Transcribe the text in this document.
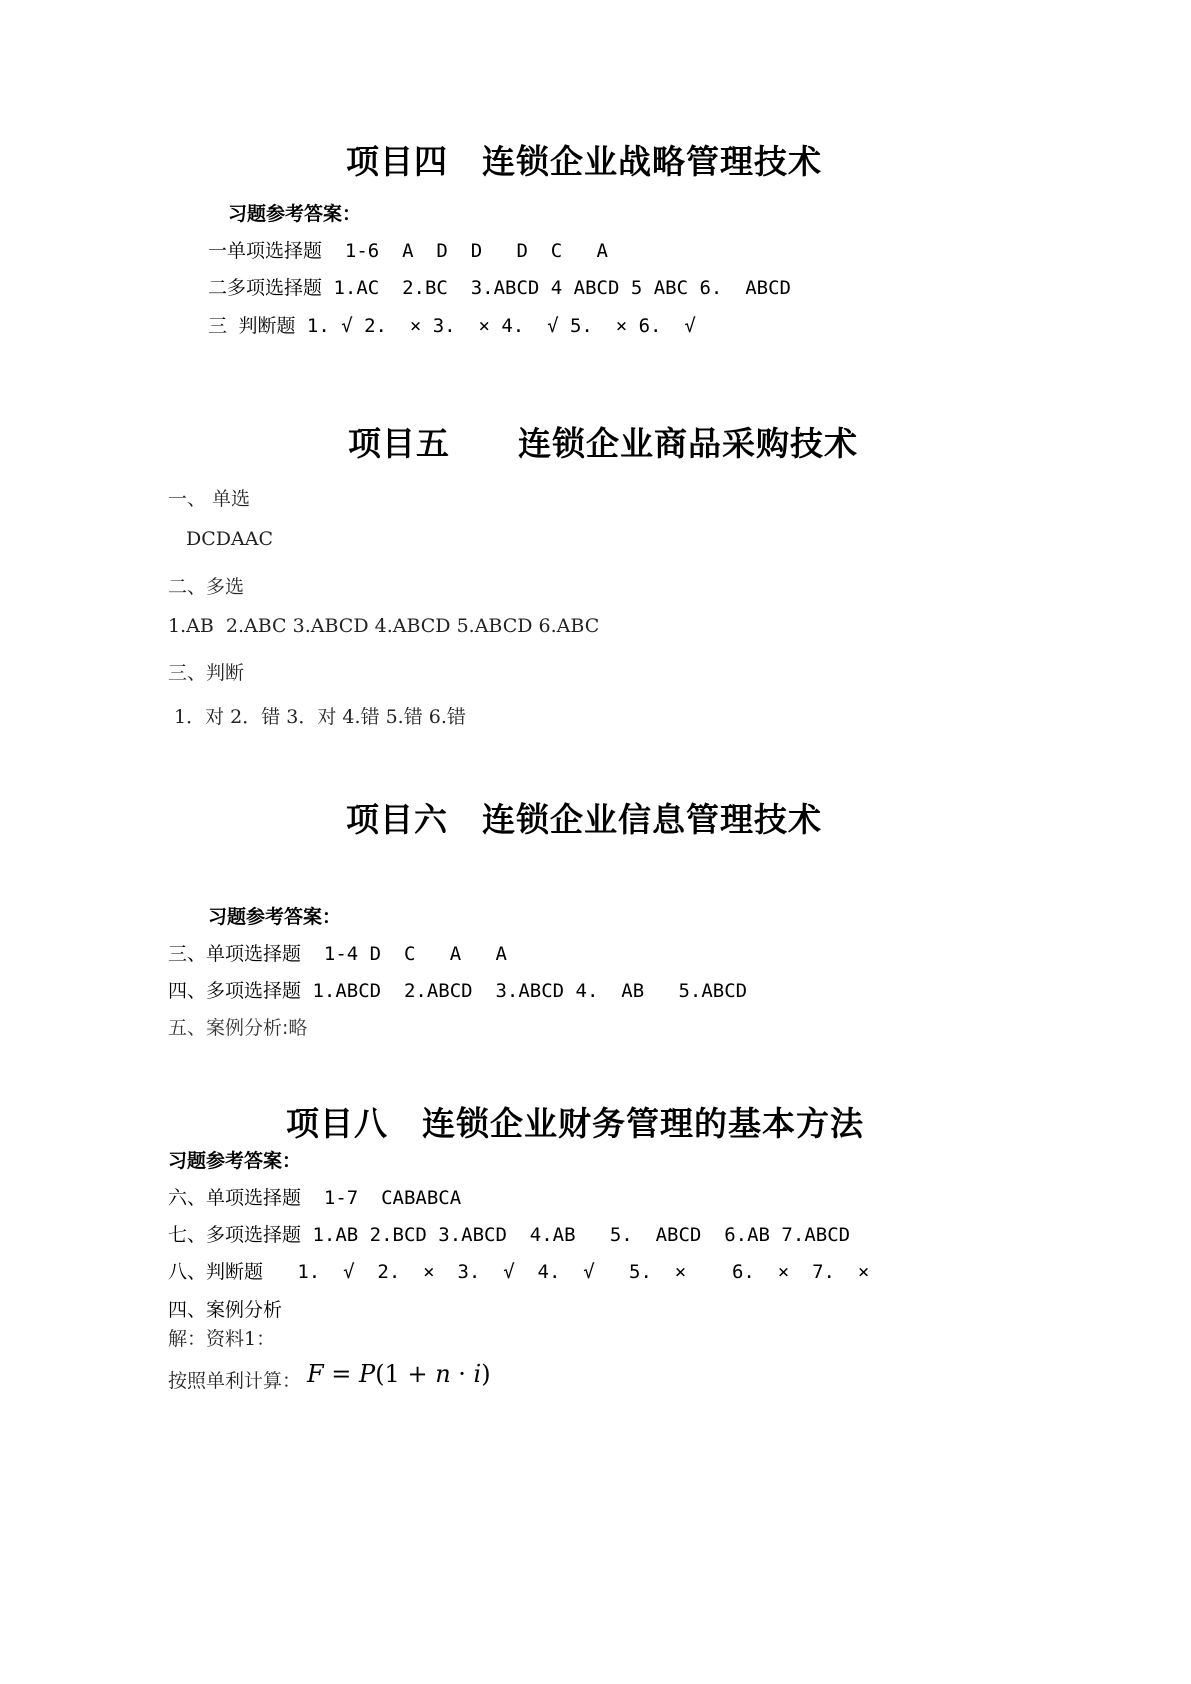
项目四　连锁企业战略管理技术
习题参考答案：
一单项选择题  1-6  A  D  D   D  C   A
二多项选择题 1.AC  2.BC  3.ABCD 4 ABCD 5 ABC 6.  ABCD
三 判断题 1. √ 2.  × 3.  × 4.  √ 5.  × 6.  √
项目五　　连锁企业商品采购技术
一、 单选
DCDAAC
二、多选
1.AB  2.ABC 3.ABCD 4.ABCD 5.ABCD 6.ABC
三、判断
1．对 2．错 3．对 4.错 5.错 6.错
项目六　连锁企业信息管理技术
习题参考答案：
三、单项选择题  1-4 D  C   A   A
四、多项选择题 1.ABCD  2.ABCD  3.ABCD 4.  AB   5.ABCD
五、案例分析:略
项目八　连锁企业财务管理的基本方法
习题参考答案：
六、单项选择题  1-7  CABABCA
七、多项选择题 1.AB 2.BCD 3.ABCD  4.AB   5.  ABCD  6.AB 7.ABCD
八、判断题   1.  √  2.  ×  3.  √  4.  √   5.  ×    6.  ×  7.  ×
四、案例分析
解：资料1：
按照单利计算： F = P(1 + n · i)
